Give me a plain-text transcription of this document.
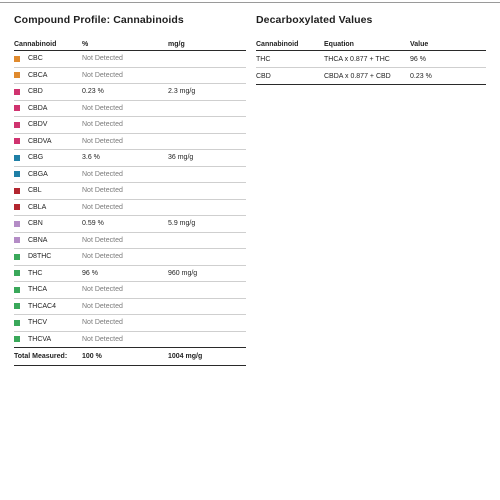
Compound Profile: Cannabinoids	Decarboxylated Values
Cannabinoid	%	mg/g
CBC	Not Detected
CBCA	Not Detected
CBD	0.23 %	2.3 mg/g
CBDA	Not Detected
CBDV	Not Detected
CBDVA	Not Detected
CBG	3.6 %	36 mg/g
CBGA	Not Detected
CBL	Not Detected
CBLA	Not Detected
CBN	0.59 %	5.9 mg/g
CBNA	Not Detected
D8THC	Not Detected
THC	96 %	960 mg/g
THCA	Not Detected
THCAC4	Not Detected
THCV	Not Detected
THCVA	Not Detected
Total Measured:	100 %	1004 mg/g
Cannabinoid	Equation	Value
THC	THCA x 0.877 + THC	96 %
CBD	CBDA x 0.877 + CBD	0.23 %
